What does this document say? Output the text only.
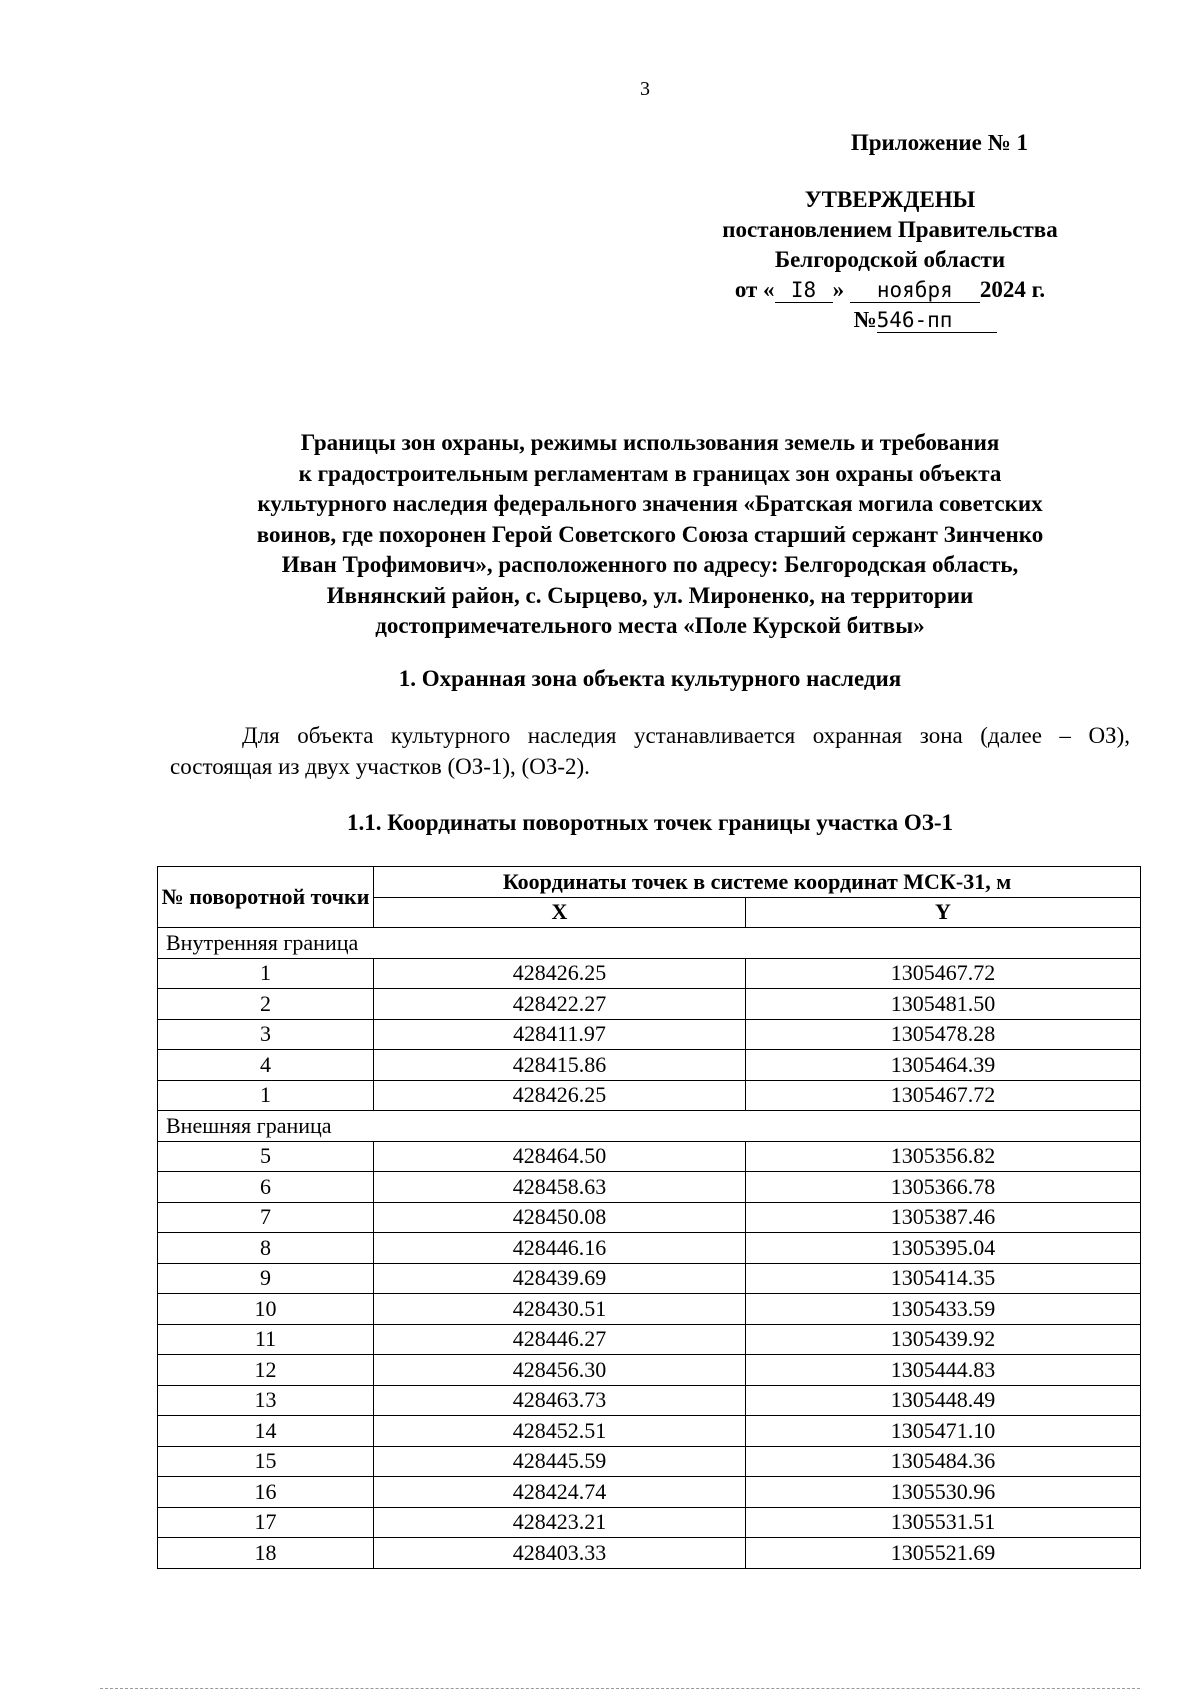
3
Приложение № 1
УТВЕРЖДЕНЫ
постановлением Правительства
Белгородской области
от « I8 » ноября 2024 г.
№546-пп
Границы зон охраны, режимы использования земель и требования
к градостроительным регламентам в границах зон охраны объекта
культурного наследия федерального значения «Братская могила советских
воинов, где похоронен Герой Советского Союза старший сержант Зинченко
Иван Трофимович», расположенного по адресу: Белгородская область,
Ивнянский район, с. Сырцево, ул. Мироненко, на территории
достопримечательного места «Поле Курской битвы»
1. Охранная зона объекта культурного наследия
Для объекта культурного наследия устанавливается охранная зона (далее – ОЗ), состоящая из двух участков (ОЗ-1), (ОЗ-2).
1.1. Координаты поворотных точек границы участка ОЗ-1
№ поворотной точки	Координаты точек в системе координат МСК-31, м	
	X	Y
Внутренняя граница		
1	428426.25	1305467.72
2	428422.27	1305481.50
3	428411.97	1305478.28
4	428415.86	1305464.39
1	428426.25	1305467.72
Внешняя граница		
5	428464.50	1305356.82
6	428458.63	1305366.78
7	428450.08	1305387.46
8	428446.16	1305395.04
9	428439.69	1305414.35
10	428430.51	1305433.59
11	428446.27	1305439.92
12	428456.30	1305444.83
13	428463.73	1305448.49
14	428452.51	1305471.10
15	428445.59	1305484.36
16	428424.74	1305530.96
17	428423.21	1305531.51
18	428403.33	1305521.69
